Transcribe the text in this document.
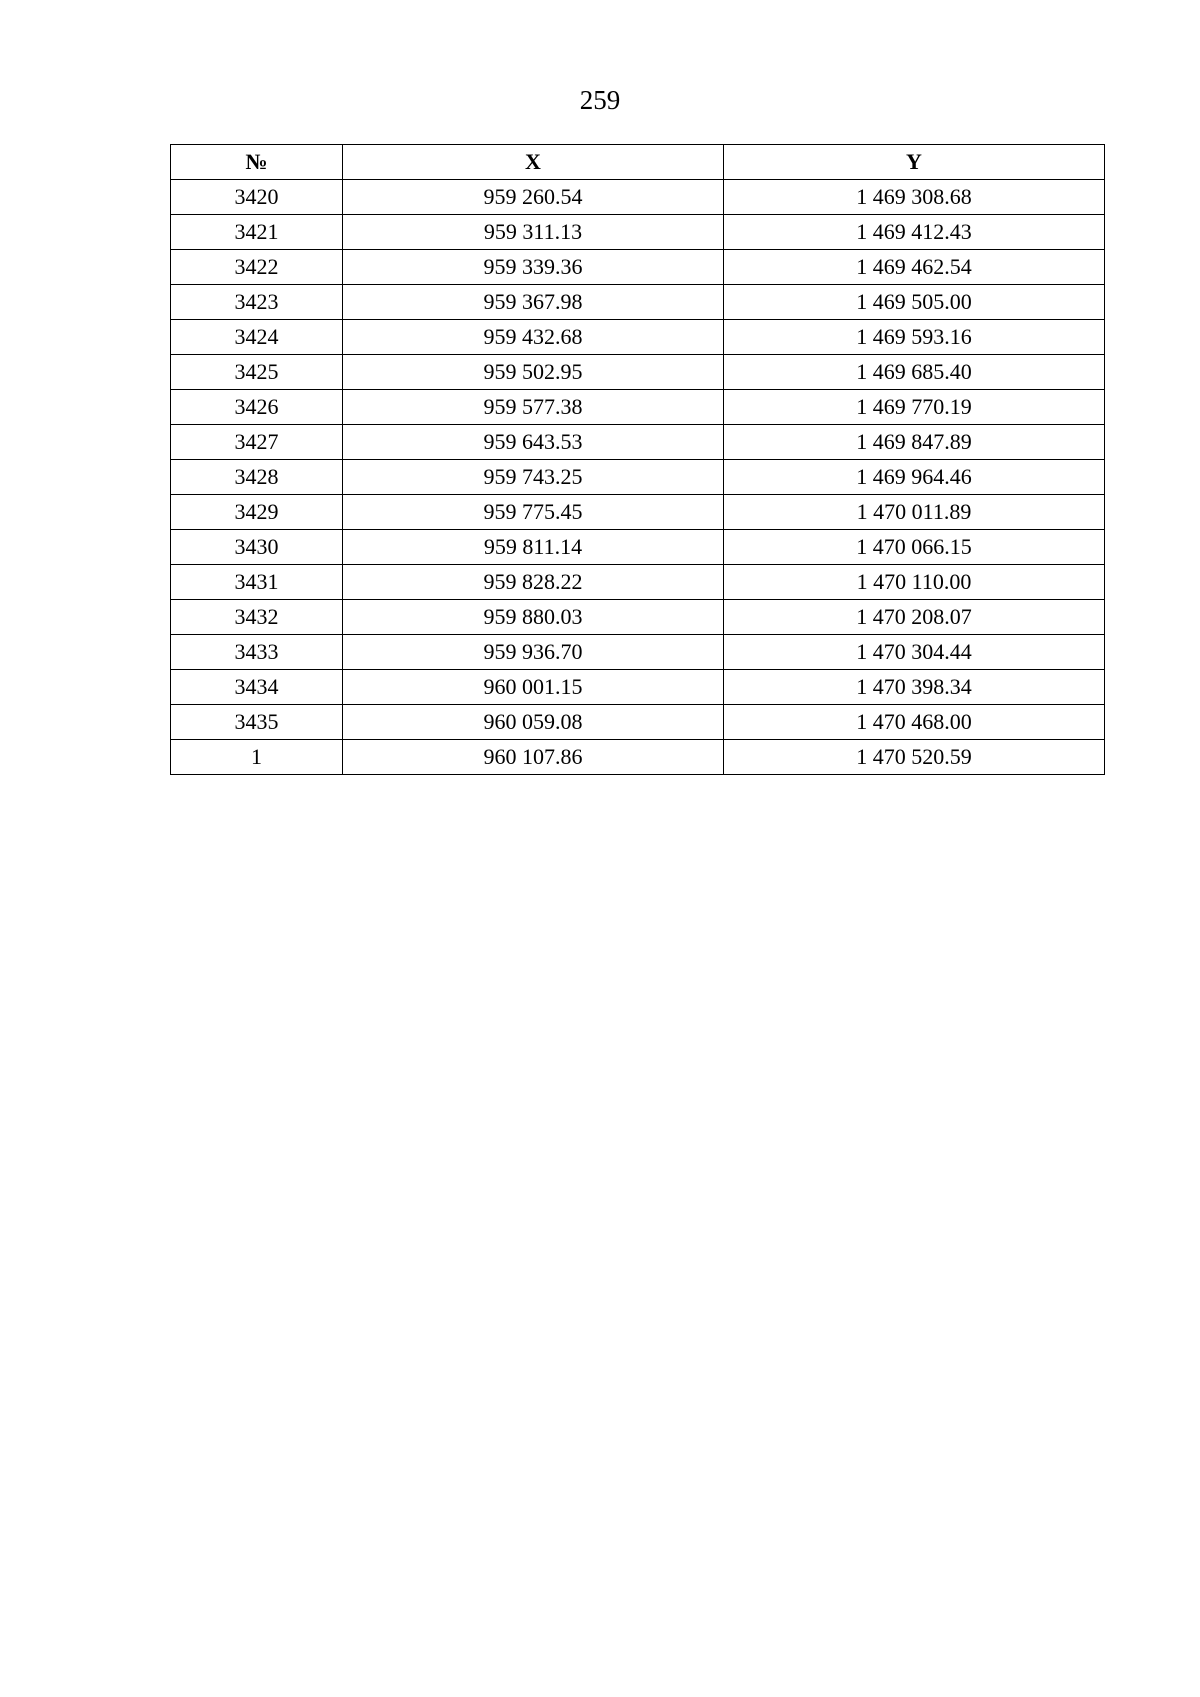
259
№	X	Y
3420	959 260.54	1 469 308.68
3421	959 311.13	1 469 412.43
3422	959 339.36	1 469 462.54
3423	959 367.98	1 469 505.00
3424	959 432.68	1 469 593.16
3425	959 502.95	1 469 685.40
3426	959 577.38	1 469 770.19
3427	959 643.53	1 469 847.89
3428	959 743.25	1 469 964.46
3429	959 775.45	1 470 011.89
3430	959 811.14	1 470 066.15
3431	959 828.22	1 470 110.00
3432	959 880.03	1 470 208.07
3433	959 936.70	1 470 304.44
3434	960 001.15	1 470 398.34
3435	960 059.08	1 470 468.00
1	960 107.86	1 470 520.59
